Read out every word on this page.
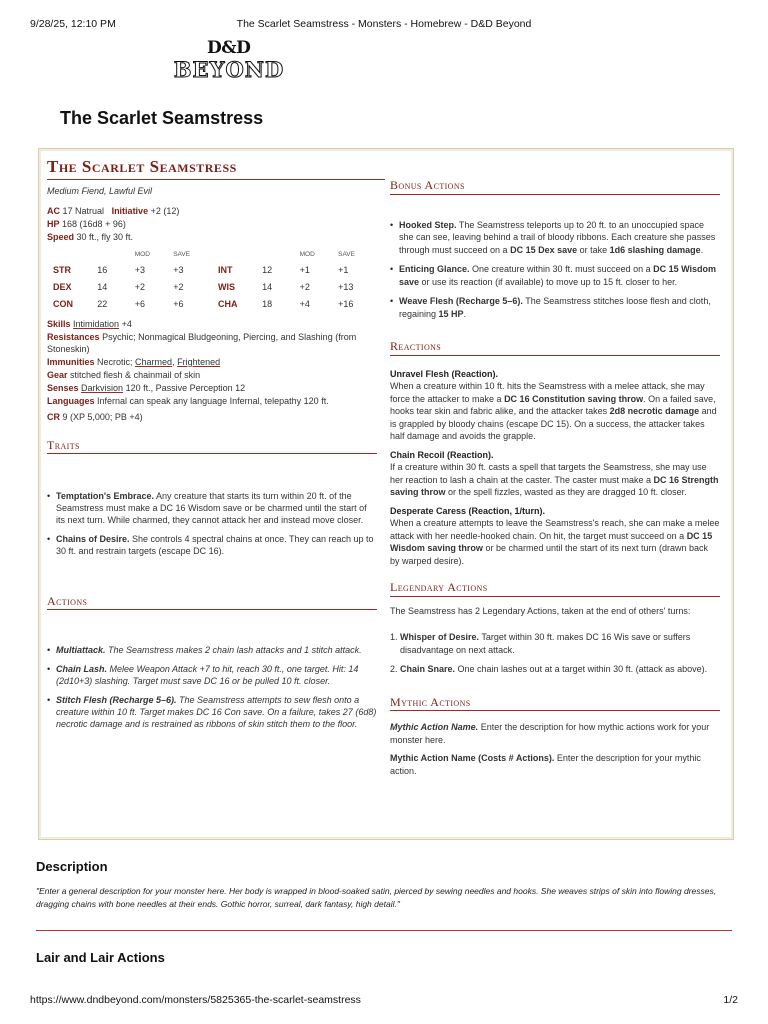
9/28/25, 12:10 PM	The Scarlet Seamstress - Monsters - Homebrew - D&D Beyond
D&D
BEYOND
The Scarlet Seamstress
The Scarlet Seamstress
Medium Fiend, Lawful Evil
AC 17 Natrual Initiative +2 (12)
HP 168 (16d8 + 96)
Speed 30 ft., fly 30 ft.
		MOD	SAVE			MOD	SAVE
STR	16	+3	+3	INT	12	+1	+1
DEX	14	+2	+2	WIS	14	+2	+13
CON	22	+6	+6	CHA	18	+4	+16
Skills Intimidation +4
Resistances Psychic; Nonmagical Bludgeoning, Piercing, and Slashing (from Stoneskin)
Immunities Necrotic; Charmed, Frightened
Gear stitched flesh & chainmail of skin
Senses Darkvision 120 ft., Passive Perception 12
Languages Infernal can speak any language Infernal, telepathy 120 ft.
CR 9 (XP 5,000; PB +4)
Traits
• Temptation's Embrace. Any creature that starts its turn within 20 ft. of the Seamstress must make a DC 16 Wisdom save or be charmed until the start of its next turn. While charmed, they cannot attack her and instead move closer.
• Chains of Desire. She controls 4 spectral chains at once. They can reach up to 30 ft. and restrain targets (escape DC 16).
Actions
• Multiattack. The Seamstress makes 2 chain lash attacks and 1 stitch attack.
• Chain Lash. Melee Weapon Attack +7 to hit, reach 30 ft., one target. Hit: 14 (2d10+3) slashing. Target must save DC 16 or be pulled 10 ft. closer.
• Stitch Flesh (Recharge 5–6). The Seamstress attempts to sew flesh onto a creature within 10 ft. Target makes DC 16 Con save. On a failure, takes 27 (6d8) necrotic damage and is restrained as ribbons of skin stitch them to the floor.
Bonus Actions
• Hooked Step. The Seamstress teleports up to 20 ft. to an unoccupied space she can see, leaving behind a trail of bloody ribbons. Each creature she passes through must succeed on a DC 15 Dex save or take 1d6 slashing damage.
• Enticing Glance. One creature within 30 ft. must succeed on a DC 15 Wisdom save or use its reaction (if available) to move up to 15 ft. closer to her.
• Weave Flesh (Recharge 5–6). The Seamstress stitches loose flesh and cloth, regaining 15 HP.
Reactions
Unravel Flesh (Reaction).
When a creature within 10 ft. hits the Seamstress with a melee attack, she may force the attacker to make a DC 16 Constitution saving throw. On a failed save, hooks tear skin and fabric alike, and the attacker takes 2d8 necrotic damage and is grappled by bloody chains (escape DC 15). On a success, the attacker takes half damage and avoids the grapple.
Chain Recoil (Reaction).
If a creature within 30 ft. casts a spell that targets the Seamstress, she may use her reaction to lash a chain at the caster. The caster must make a DC 16 Strength saving throw or the spell fizzles, wasted as they are dragged 10 ft. closer.
Desperate Caress (Reaction, 1/turn).
When a creature attempts to leave the Seamstress's reach, she can make a melee attack with her needle-hooked chain. On hit, the target must succeed on a DC 15 Wisdom saving throw or be charmed until the start of its next turn (drawn back by warped desire).
Legendary Actions
The Seamstress has 2 Legendary Actions, taken at the end of others' turns:
1. Whisper of Desire. Target within 30 ft. makes DC 16 Wis save or suffers disadvantage on next attack.
2. Chain Snare. One chain lashes out at a target within 30 ft. (attack as above).
Mythic Actions
Mythic Action Name. Enter the description for how mythic actions work for your monster here.
Mythic Action Name (Costs # Actions). Enter the description for your mythic action.
Description
"Enter a general description for your monster here. Her body is wrapped in blood-soaked satin, pierced by sewing needles and hooks. She weaves strips of skin into flowing dresses, dragging chains with bone needles at their ends. Gothic horror, surreal, dark fantasy, high detail."
Lair and Lair Actions
https://www.dndbeyond.com/monsters/5825365-the-scarlet-seamstress	1/2
